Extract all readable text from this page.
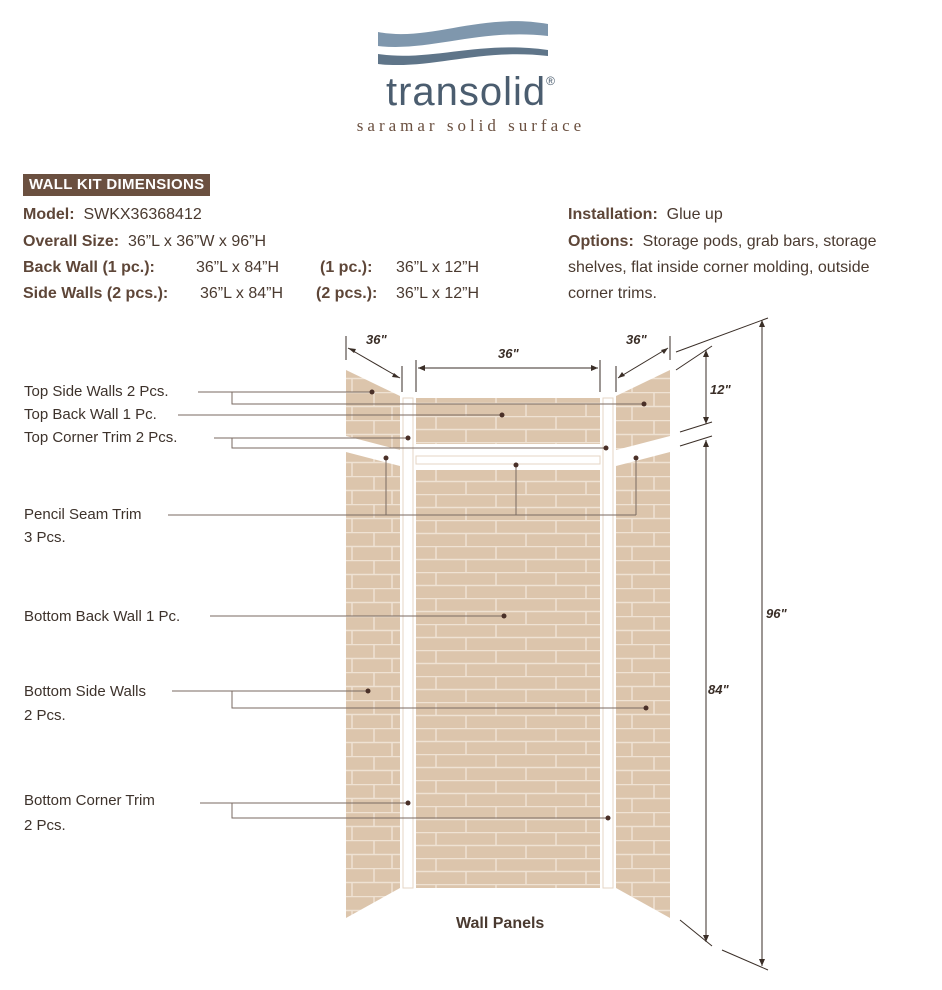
transolid®
saramar solid surface
WALL KIT DIMENSIONS
Model: SWKX36368412
Overall Size: 36”L x 36”W x 96”H
Back Wall (1 pc.):	36”L x 84”H	(1 pc.): 36”L x 12”H
Side Walls (2 pcs.): 36”L x 84”H (2 pcs.): 36”L x 12”H
Installation: Glue up
Options: Storage pods, grab bars, storage
shelves, flat inside corner molding, outside
corner trims.
36"
36"
36"
12"
84"
96"
Top Side Walls 2 Pcs.
Top Back Wall 1 Pc.
Top Corner Trim 2 Pcs.
Pencil Seam Trim
3 Pcs.
Bottom Back Wall 1 Pc.
Bottom Side Walls
2 Pcs.
Bottom Corner Trim
2 Pcs.
Wall Panels
